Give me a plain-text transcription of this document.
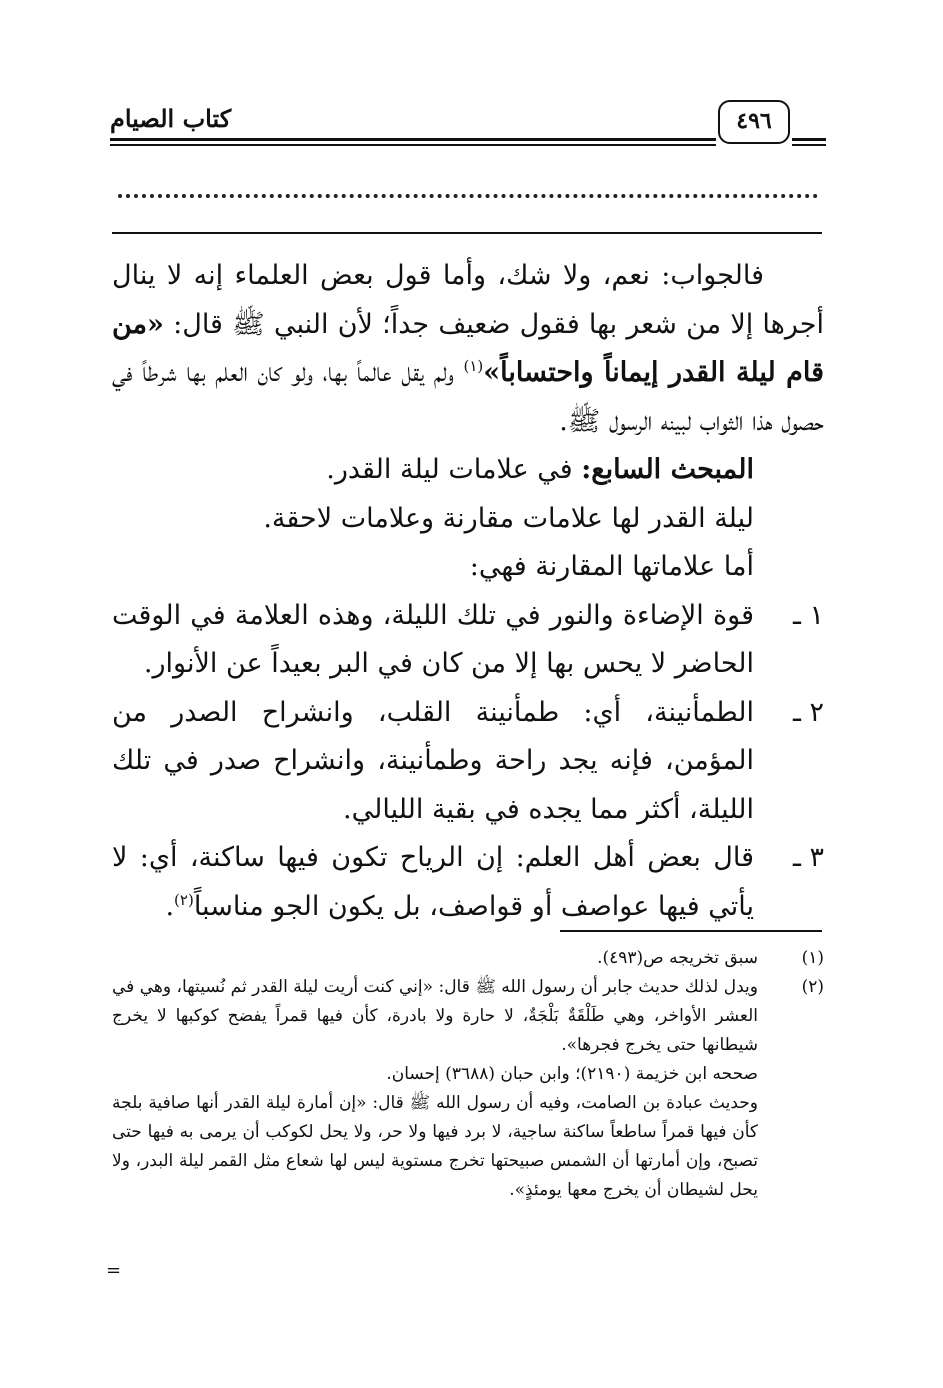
كتاب الصيام	٤٩٦

فالجواب: نعم، ولا شك، وأما قول بعض العلماء إنه لا ينال أجرها إلا من شعر بها فقول ضعيف جداً؛ لأن النبي ﷺ قال: «من قام ليلة القدر إيماناً واحتساباً»$^{(١)}$ ولم يقل عالماً بها، ولو كان العلم بها شرطاً في حصول هذا الثواب لبينه الرسول ﷺ.

المبحث السابع: في علامات ليلة القدر.

ليلة القدر لها علامات مقارنة وعلامات لاحقة.

أما علاماتها المقارنة فهي:

١ ـ
قوة الإضاءة والنور في تلك الليلة، وهذه العلامة في الوقت الحاضر لا يحس بها إلا من كان في البر بعيداً عن الأنوار.

٢ ـ
الطمأنينة، أي: طمأنينة القلب، وانشراح الصدر من المؤمن، فإنه يجد راحة وطمأنينة، وانشراح صدر في تلك الليلة، أكثر مما يجده في بقية الليالي.

٣ ـ
قال بعض أهل العلم: إن الرياح تكون فيها ساكنة، أي: لا يأتي فيها عواصف أو قواصف، بل يكون الجو مناسباً$^{(٢)}$.

(١)
سبق تخريجه ص(٤٩٣).

(٢)
ويدل لذلك حديث جابر أن رسول الله ﷺ قال: «إني كنت أريت ليلة القدر ثم نُسيتها، وهي في العشر الأواخر، وهي طَلْقَةٌ بَلْجَةٌ، لا حارة ولا بادرة، كأن فيها قمراً يفضح كوكبها لا يخرج شيطانها حتى يخرج فجرها».

صححه ابن خزيمة (٢١٩٠)؛ وابن حبان (٣٦٨٨) إحسان.

وحديث عبادة بن الصامت، وفيه أن رسول الله ﷺ قال: «إن أمارة ليلة القدر أنها صافية بلجة كأن فيها قمراً ساطعاً ساكنة ساجية، لا برد فيها ولا حر، ولا يحل لكوكب أن يرمى به فيها حتى تصبح، وإن أمارتها أن الشمس صبيحتها تخرج مستوية ليس لها شعاع مثل القمر ليلة البدر، ولا يحل لشيطان أن يخرج معها يومئذٍ».

=
